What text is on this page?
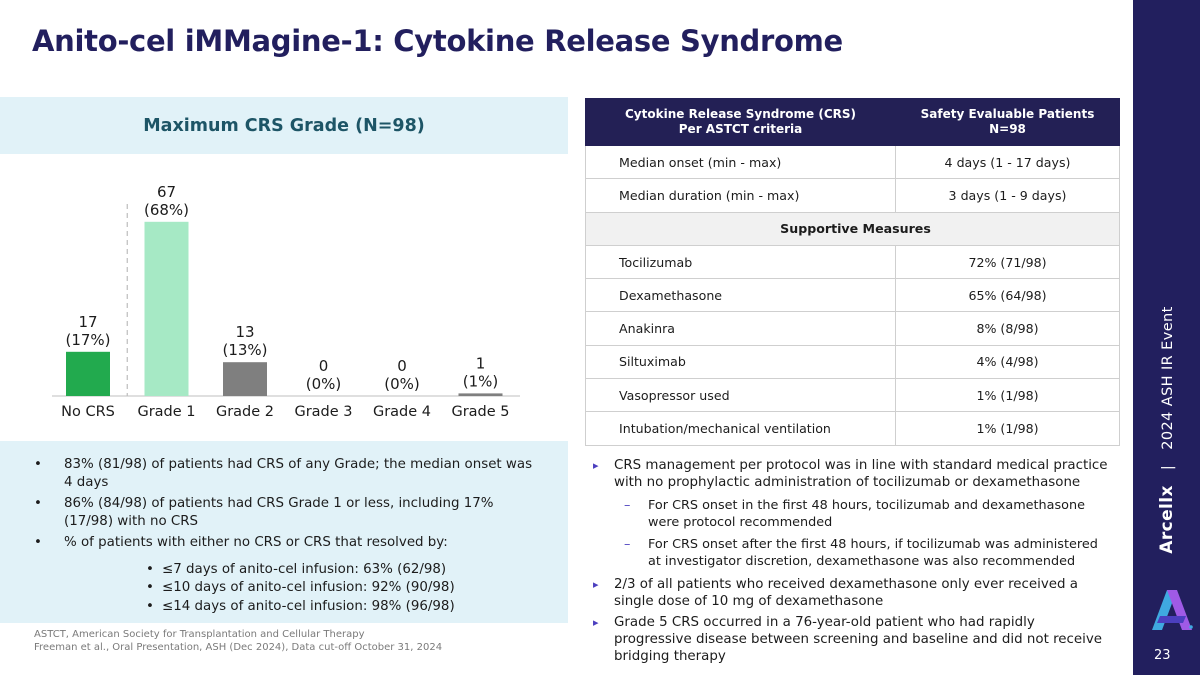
Anito-cel iMMagine-1: Cytokine Release Syndrome
Maximum CRS Grade (N=98)
17
(17%)
No CRS
67
(68%)
Grade 1
13
(13%)
Grade 2
0
(0%)
Grade 3
0
(0%)
Grade 4
1
(1%)
Grade 5
• 83% (81/98) of patients had CRS of any Grade; the median onset was 4 days
• 86% (84/98) of patients had CRS Grade 1 or less, including 17% (17/98) with no CRS
• % of patients with either no CRS or CRS that resolved by:
• ≤7 days of anito-cel infusion: 63% (62/98)
• ≤10 days of anito-cel infusion: 92% (90/98)
• ≤14 days of anito-cel infusion: 98% (96/98)
ASTCT, American Society for Transplantation and Cellular Therapy
Freeman et al., Oral Presentation, ASH (Dec 2024), Data cut-off October 31, 2024
Cytokine Release Syndrome (CRS)
Per ASTCT criteria	Safety Evaluable Patients
N=98

Median onset (min - max)	4 days (1 - 17 days)
Median duration (min - max)	3 days (1 - 9 days)
Supportive Measures	
Tocilizumab	72% (71/98)
Dexamethasone	65% (64/98)
Anakinra	8% (8/98)
Siltuximab	4% (4/98)
Vasopressor used	1% (1/98)
Intubation/mechanical ventilation	1% (1/98)
▸ CRS management per protocol was in line with standard medical practice with no prophylactic administration of tocilizumab or dexamethasone
– For CRS onset in the first 48 hours, tocilizumab and dexamethasone were protocol recommended
– For CRS onset after the first 48 hours, if tocilizumab was administered at investigator discretion, dexamethasone was also recommended
▸ 2/3 of all patients who received dexamethasone only ever received a single dose of 10 mg of dexamethasone
▸ Grade 5 CRS occurred in a 76-year-old patient who had rapidly progressive disease between screening and baseline and did not receive bridging therapy
Arcellx   |   2024 ASH IR Event
23
